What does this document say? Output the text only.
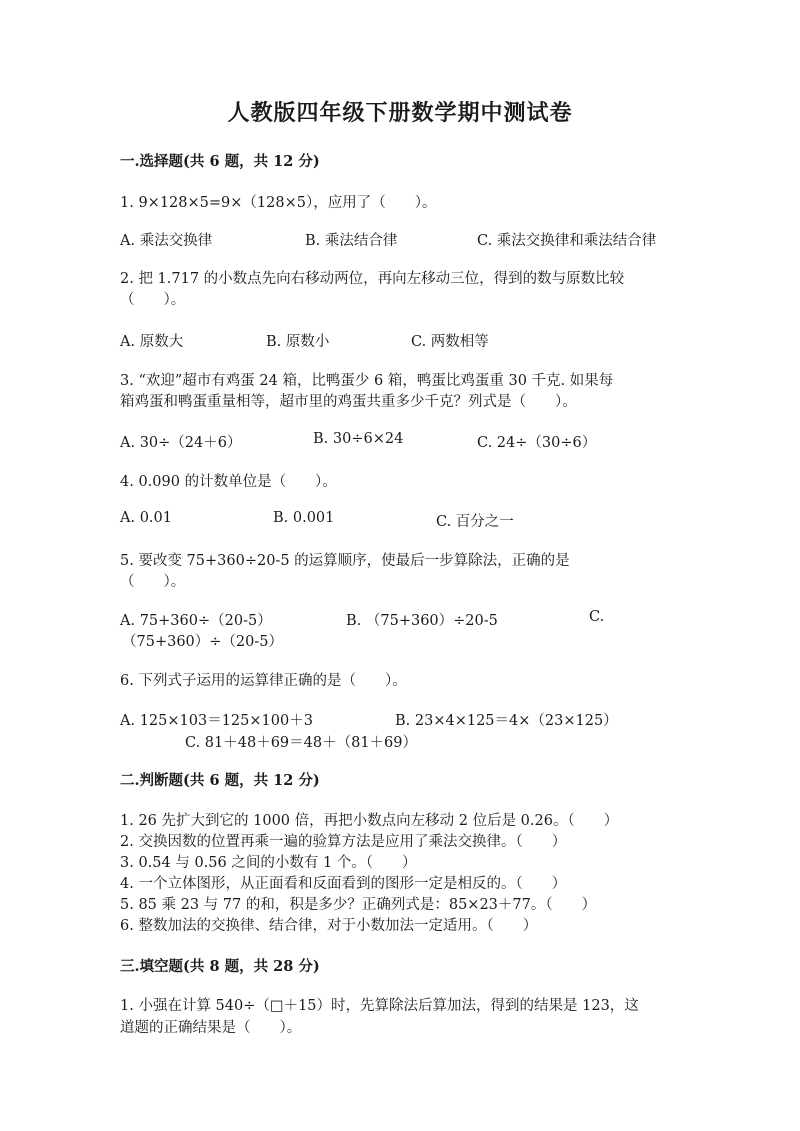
人教版四年级下册数学期中测试卷
一.选择题(共 6 题，共 12 分)
1. 9×128×5=9×（128×5），应用了（　　）。
A. 乘法交换律	B. 乘法结合律	C. 乘法交换律和乘法结合律
2. 把 1.717 的小数点先向右移动两位，再向左移动三位，得到的数与原数比较
（　　）。
A. 原数大	B. 原数小	C. 两数相等
3. “欢迎”超市有鸡蛋 24 箱，比鸭蛋少 6 箱，鸭蛋比鸡蛋重 30 千克. 如果每
箱鸡蛋和鸭蛋重量相等，超市里的鸡蛋共重多少千克？列式是（　　）。
A. 30÷（24＋6）	B. 30÷6×24	C. 24÷（30÷6）
4. 0.090 的计数单位是（　　）。
A. 0.01	B. 0.001	C. 百分之一
5. 要改变 75+360÷20-5 的运算顺序，使最后一步算除法，正确的是
（　　）。
A. 75+360÷（20-5）	B. （75+360）÷20-5	C.
（75+360）÷（20-5）
6. 下列式子运用的运算律正确的是（　　）。
A. 125×103＝125×100＋3	B. 23×4×125＝4×（23×125）
C. 81＋48＋69＝48＋（81＋69）
二.判断题(共 6 题，共 12 分)
1. 26 先扩大到它的 1000 倍，再把小数点向左移动 2 位后是 0.26。（　　）
2. 交换因数的位置再乘一遍的验算方法是应用了乘法交换律。（　　）
3. 0.54 与 0.56 之间的小数有 1 个。（　　）
4. 一个立体图形，从正面看和反面看到的图形一定是相反的。（　　）
5. 85 乘 23 与 77 的和，积是多少？正确列式是：85×23＋77。（　　）
6. 整数加法的交换律、结合律，对于小数加法一定适用。（　　）
三.填空题(共 8 题，共 28 分)
1. 小强在计算 540÷（□＋15）时，先算除法后算加法，得到的结果是 123，这
道题的正确结果是（　　）。
